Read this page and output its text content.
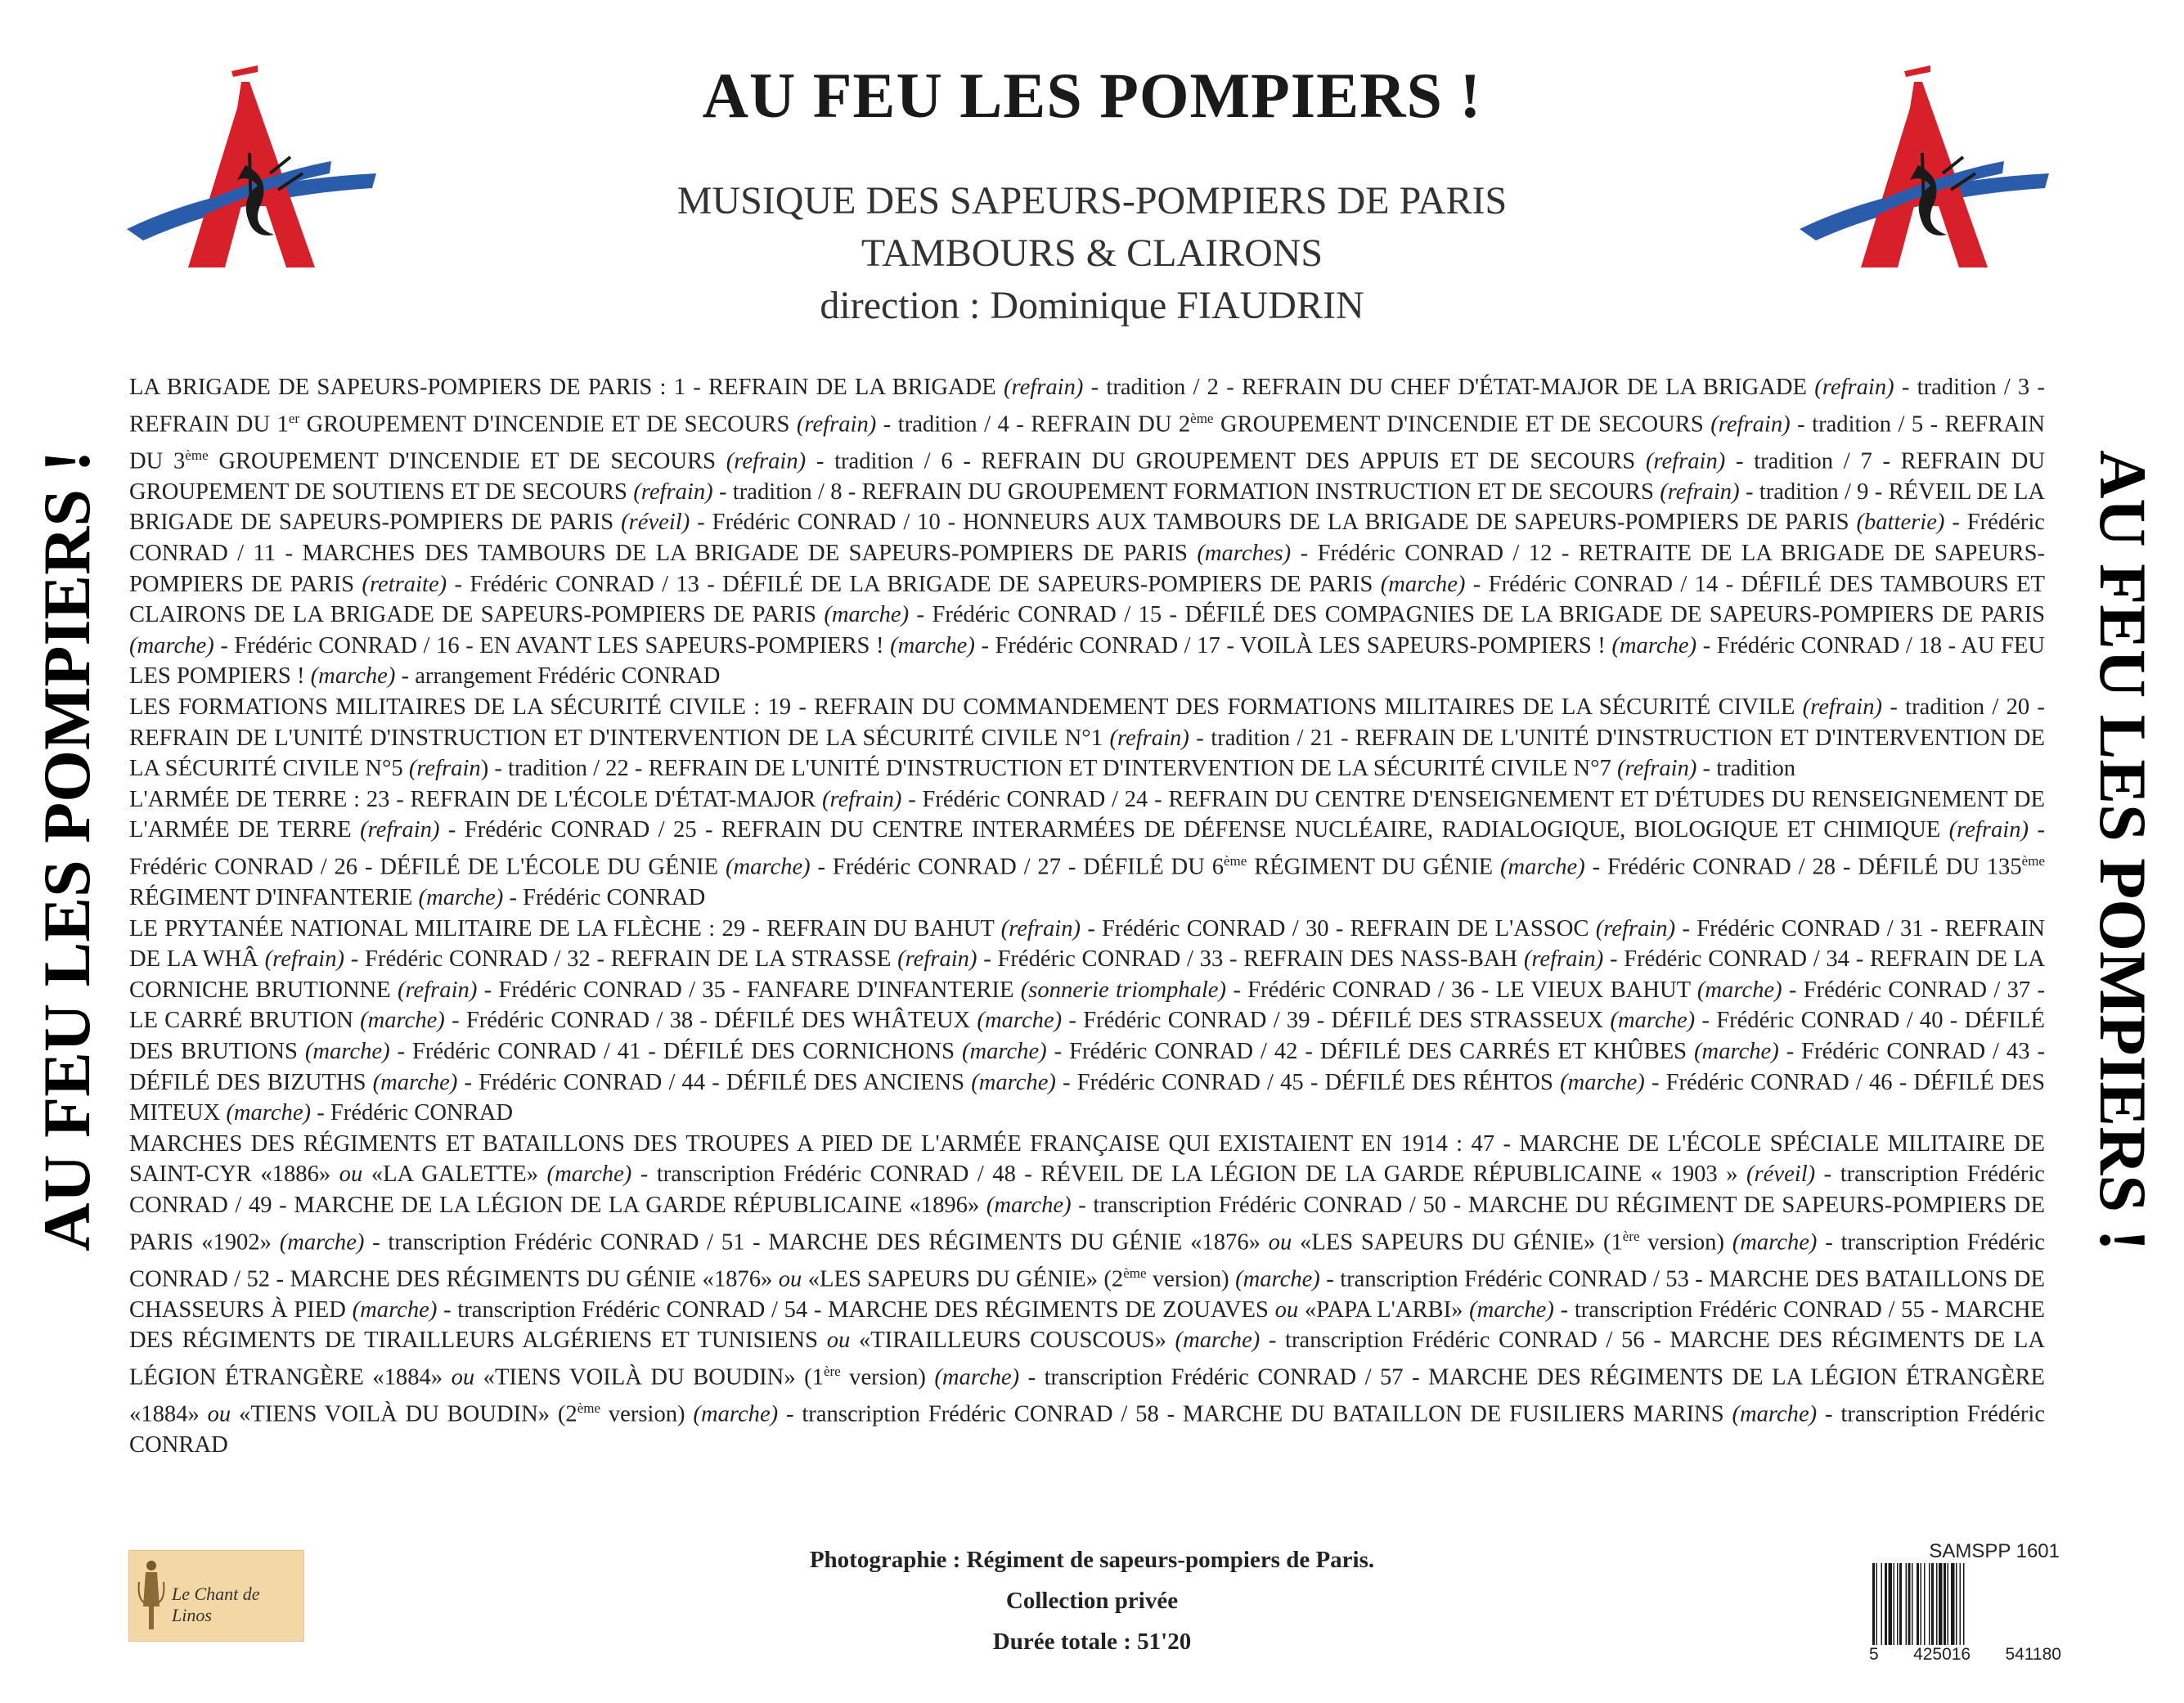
AU FEU LES POMPIERS !
MUSIQUE DES SAPEURS-POMPIERS DE PARIS
TAMBOURS & CLAIRONS
direction : Dominique FIAUDRIN
AU FEU LES POMPIERS !	AU FEU LES POMPIERS !

LA BRIGADE DE SAPEURS-POMPIERS DE PARIS : 1 - REFRAIN DE LA BRIGADE (refrain) - tradition / 2 - REFRAIN DU CHEF D'ÉTAT-MAJOR DE LA BRIGADE (refrain) - tradition / 3 - REFRAIN DU 1er GROUPEMENT D'INCENDIE ET DE SECOURS (refrain) - tradition / 4 - REFRAIN DU 2ème GROUPEMENT D'INCENDIE ET DE SECOURS (refrain) - tradition / 5 - REFRAIN DU 3ème GROUPEMENT D'INCENDIE ET DE SECOURS (refrain) - tradition / 6 - REFRAIN DU GROUPEMENT DES APPUIS ET DE SECOURS (refrain) - tradition / 7 - REFRAIN DU GROUPEMENT DE SOUTIENS ET DE SECOURS (refrain) - tradition / 8 - REFRAIN DU GROUPEMENT FORMATION INSTRUCTION ET DE SECOURS (refrain) - tradition / 9 - RÉVEIL DE LA BRIGADE DE SAPEURS-POMPIERS DE PARIS (réveil) - Frédéric CONRAD / 10 - HONNEURS AUX TAMBOURS DE LA BRIGADE DE SAPEURS-POMPIERS DE PARIS (batterie) - Frédéric CONRAD / 11 - MARCHES DES TAMBOURS DE LA BRIGADE DE SAPEURS-POMPIERS DE PARIS (marches) - Frédéric CONRAD / 12 - RETRAITE DE LA BRIGADE DE SAPEURS-POMPIERS DE PARIS (retraite) - Frédéric CONRAD / 13 - DÉFILÉ DE LA BRIGADE DE SAPEURS-POMPIERS DE PARIS (marche) - Frédéric CONRAD / 14 - DÉFILÉ DES TAMBOURS ET CLAIRONS DE LA BRIGADE DE SAPEURS-POMPIERS DE PARIS (marche) - Frédéric CONRAD / 15 - DÉFILÉ DES COMPAGNIES DE LA BRIGADE DE SAPEURS-POMPIERS DE PARIS (marche) - Frédéric CONRAD / 16 - EN AVANT LES SAPEURS-POMPIERS ! (marche) - Frédéric CONRAD / 17 - VOILÀ LES SAPEURS-POMPIERS ! (marche) - Frédéric CONRAD / 18 - AU FEU LES POMPIERS ! (marche) - arrangement Frédéric CONRAD

LES FORMATIONS MILITAIRES DE LA SÉCURITÉ CIVILE : 19 - REFRAIN DU COMMANDEMENT DES FORMATIONS MILITAIRES DE LA SÉCURITÉ CIVILE (refrain) - tradition / 20 - REFRAIN DE L'UNITÉ D'INSTRUCTION ET D'INTERVENTION DE LA SÉCURITÉ CIVILE N°1 (refrain) - tradition / 21 - REFRAIN DE L'UNITÉ D'INSTRUCTION ET D'INTERVENTION DE LA SÉCURITÉ CIVILE N°5 (refrain) - tradition / 22 - REFRAIN DE L'UNITÉ D'INSTRUCTION ET D'INTERVENTION DE LA SÉCURITÉ CIVILE N°7 (refrain) - tradition

L'ARMÉE DE TERRE : 23 - REFRAIN DE L'ÉCOLE D'ÉTAT-MAJOR (refrain) - Frédéric CONRAD / 24 - REFRAIN DU CENTRE D'ENSEIGNEMENT ET D'ÉTUDES DU RENSEIGNEMENT DE L'ARMÉE DE TERRE (refrain) - Frédéric CONRAD / 25 - REFRAIN DU CENTRE INTERARMÉES DE DÉFENSE NUCLÉAIRE, RADIALOGIQUE, BIOLOGIQUE ET CHIMIQUE (refrain) - Frédéric CONRAD / 26 - DÉFILÉ DE L'ÉCOLE DU GÉNIE (marche) - Frédéric CONRAD / 27 - DÉFILÉ DU 6ème RÉGIMENT DU GÉNIE (marche) - Frédéric CONRAD / 28 - DÉFILÉ DU 135ème RÉGIMENT D'INFANTERIE (marche) - Frédéric CONRAD

LE PRYTANÉE NATIONAL MILITAIRE DE LA FLÈCHE : 29 - REFRAIN DU BAHUT (refrain) - Frédéric CONRAD / 30 - REFRAIN DE L'ASSOC (refrain) - Frédéric CONRAD / 31 - REFRAIN DE LA WHÂ (refrain) - Frédéric CONRAD / 32 - REFRAIN DE LA STRASSE (refrain) - Frédéric CONRAD / 33 - REFRAIN DES NASS-BAH (refrain) - Frédéric CONRAD / 34 - REFRAIN DE LA CORNICHE BRUTIONNE (refrain) - Frédéric CONRAD / 35 - FANFARE D'INFANTERIE (sonnerie triomphale) - Frédéric CONRAD / 36 - LE VIEUX BAHUT (marche) - Frédéric CONRAD / 37 - LE CARRÉ BRUTION (marche) - Frédéric CONRAD / 38 - DÉFILÉ DES WHÂTEUX (marche) - Frédéric CONRAD / 39 - DÉFILÉ DES STRASSEUX (marche) - Frédéric CONRAD / 40 - DÉFILÉ DES BRUTIONS (marche) - Frédéric CONRAD / 41 - DÉFILÉ DES CORNICHONS (marche) - Frédéric CONRAD / 42 - DÉFILÉ DES CARRÉS ET KHÛBES (marche) - Frédéric CONRAD / 43 - DÉFILÉ DES BIZUTHS (marche) - Frédéric CONRAD / 44 - DÉFILÉ DES ANCIENS (marche) - Frédéric CONRAD / 45 - DÉFILÉ DES RÉHTOS (marche) - Frédéric CONRAD / 46 - DÉFILÉ DES MITEUX (marche) - Frédéric CONRAD

MARCHES DES RÉGIMENTS ET BATAILLONS DES TROUPES A PIED DE L'ARMÉE FRANÇAISE QUI EXISTAIENT EN 1914 : 47 - MARCHE DE L'ÉCOLE SPÉCIALE MILITAIRE DE SAINT-CYR «1886» ou «LA GALETTE» (marche) - transcription Frédéric CONRAD / 48 - RÉVEIL DE LA LÉGION DE LA GARDE RÉPUBLICAINE « 1903 » (réveil) - transcription Frédéric CONRAD / 49 - MARCHE DE LA LÉGION DE LA GARDE RÉPUBLICAINE «1896» (marche) - transcription Frédéric CONRAD / 50 - MARCHE DU RÉGIMENT DE SAPEURS-POMPIERS DE PARIS «1902» (marche) - transcription Frédéric CONRAD / 51 - MARCHE DES RÉGIMENTS DU GÉNIE «1876» ou «LES SAPEURS DU GÉNIE» (1ère version) (marche) - transcription Frédéric CONRAD / 52 - MARCHE DES RÉGIMENTS DU GÉNIE «1876» ou «LES SAPEURS DU GÉNIE» (2ème version) (marche) - transcription Frédéric CONRAD / 53 - MARCHE DES BATAILLONS DE CHASSEURS À PIED (marche) - transcription Frédéric CONRAD / 54 - MARCHE DES RÉGIMENTS DE ZOUAVES ou «PAPA L'ARBI» (marche) - transcription Frédéric CONRAD / 55 - MARCHE DES RÉGIMENTS DE TIRAILLEURS ALGÉRIENS ET TUNISIENS ou «TIRAILLEURS COUSCOUS» (marche) - transcription Frédéric CONRAD / 56 - MARCHE DES RÉGIMENTS DE LA LÉGION ÉTRANGÈRE «1884» ou «TIENS VOILÀ DU BOUDIN» (1ère version) (marche) - transcription Frédéric CONRAD / 57 - MARCHE DES RÉGIMENTS DE LA LÉGION ÉTRANGÈRE «1884» ou «TIENS VOILÀ DU BOUDIN» (2ème version) (marche) - transcription Frédéric CONRAD / 58 - MARCHE DU BATAILLON DE FUSILIERS MARINS (marche) - transcription Frédéric CONRAD

Photographie : Régiment de sapeurs-pompiers de Paris.
Collection privée
Durée totale : 51'20
Le Chant de Linos
SAMSPP 1601
5 425016 541180
